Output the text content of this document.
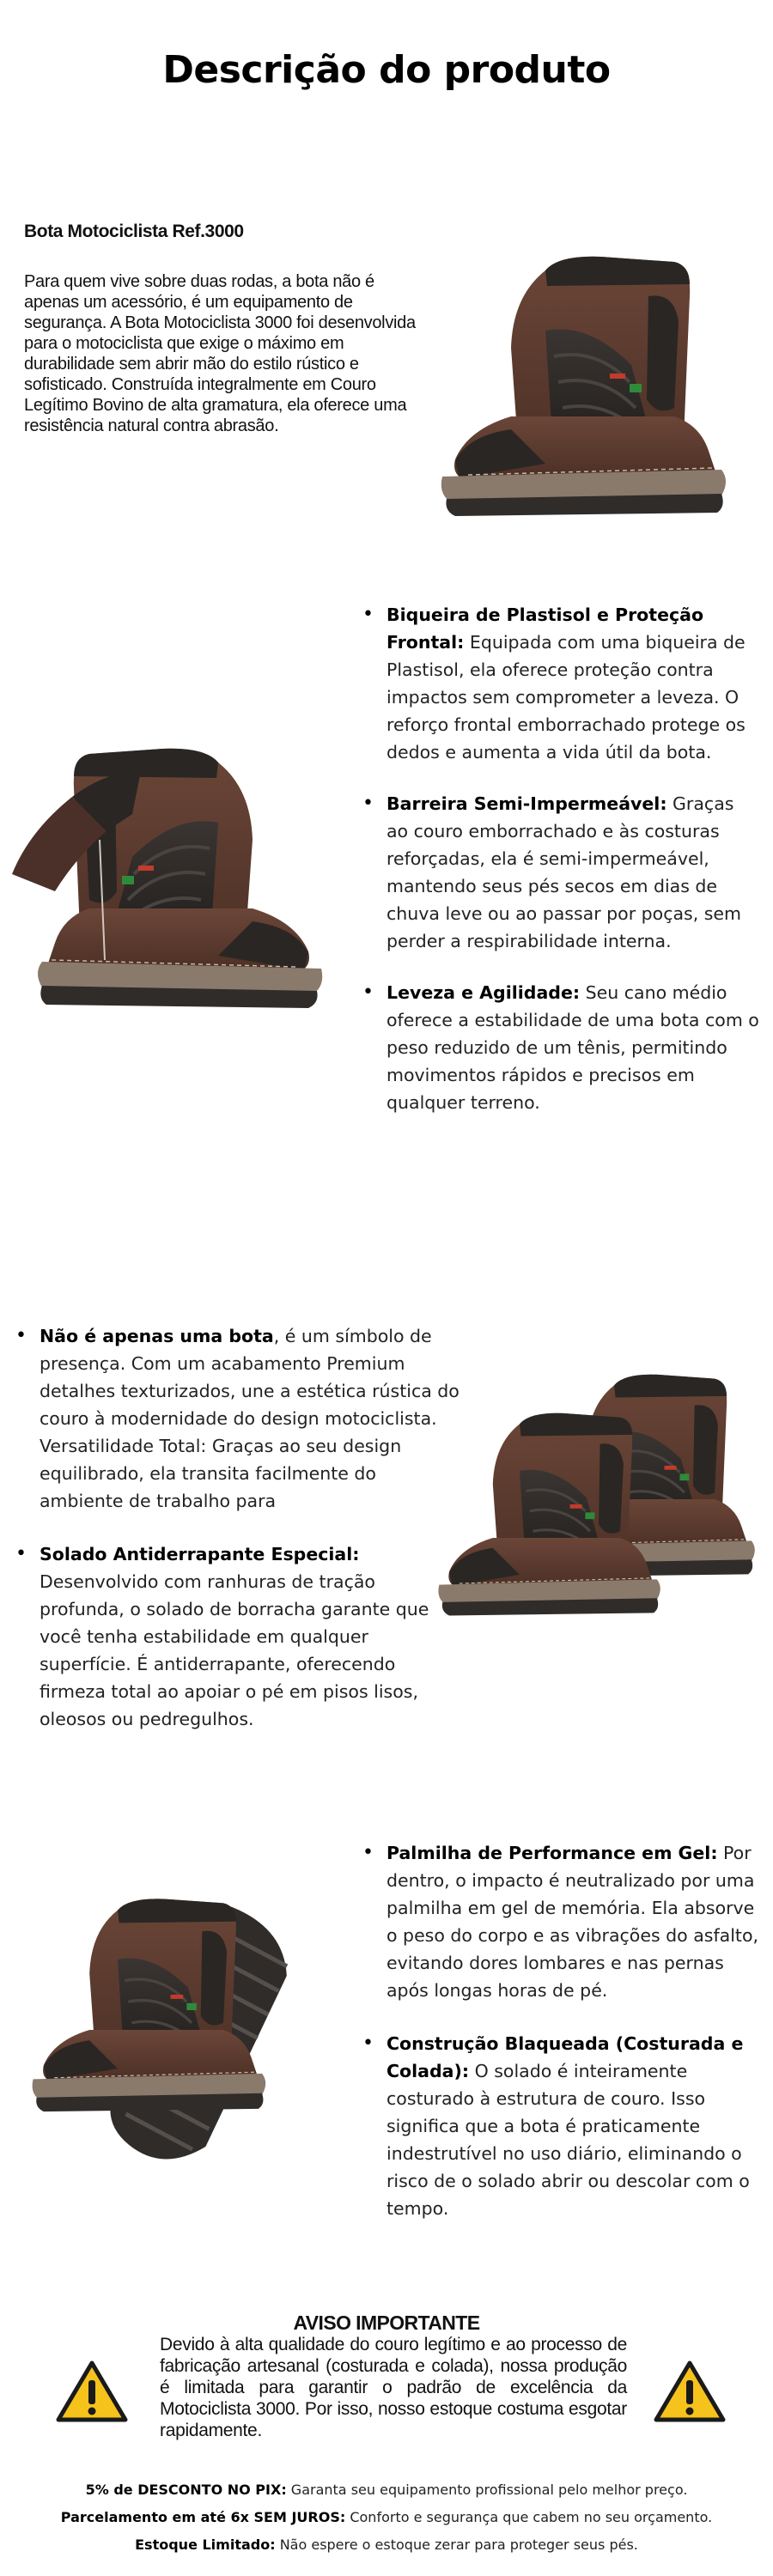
Descrição do produto
Bota Motociclista Ref.3000
Para quem vive sobre duas rodas, a bota não é apenas um acessório, é um equipamento de segurança. A Bota Motociclista 3000 foi desenvolvida para o motociclista que exige o máximo em durabilidade sem abrir mão do estilo rústico e sofisticado. Construída integralmente em Couro Legítimo Bovino de alta gramatura, ela oferece uma resistência natural contra abrasão.
• Biqueira de Plastisol e Proteção Frontal: Equipada com uma biqueira de Plastisol, ela oferece proteção contra impactos sem comprometer a leveza. O reforço frontal emborrachado protege os dedos e aumenta a vida útil da bota.
• Barreira Semi-Impermeável: Graças ao couro emborrachado e às costuras reforçadas, ela é semi-impermeável, mantendo seus pés secos em dias de chuva leve ou ao passar por poças, sem perder a respirabilidade interna.
• Leveza e Agilidade: Seu cano médio oferece a estabilidade de uma bota com o peso reduzido de um tênis, permitindo movimentos rápidos e precisos em qualquer terreno.
• Não é apenas uma bota, é um símbolo de presença. Com um acabamento Premium detalhes texturizados, une a estética rústica do couro à modernidade do design motociclista. Versatilidade Total: Graças ao seu design equilibrado, ela transita facilmente do ambiente de trabalho para
• Solado Antiderrapante Especial: Desenvolvido com ranhuras de tração profunda, o solado de borracha garante que você tenha estabilidade em qualquer superfície. É antiderrapante, oferecendo firmeza total ao apoiar o pé em pisos lisos, oleosos ou pedregulhos.
• Palmilha de Performance em Gel: Por dentro, o impacto é neutralizado por uma palmilha em gel de memória. Ela absorve o peso do corpo e as vibrações do asfalto, evitando dores lombares e nas pernas após longas horas de pé.
• Construção Blaqueada (Costurada e Colada): O solado é inteiramente costurado à estrutura de couro. Isso significa que a bota é praticamente indestrutível no uso diário, eliminando o risco de o solado abrir ou descolar com o tempo.
AVISO IMPORTANTE
Devido à alta qualidade do couro legítimo e ao processo de fabricação artesanal (costurada e colada), nossa produção é limitada para garantir o padrão de excelência da Motociclista 3000. Por isso, nosso estoque costuma esgotar rapidamente.
5% de DESCONTO NO PIX: Garanta seu equipamento profissional pelo melhor preço.
Parcelamento em até 6x SEM JUROS: Conforto e segurança que cabem no seu orçamento.
Estoque Limitado: Não espere o estoque zerar para proteger seus pés.
